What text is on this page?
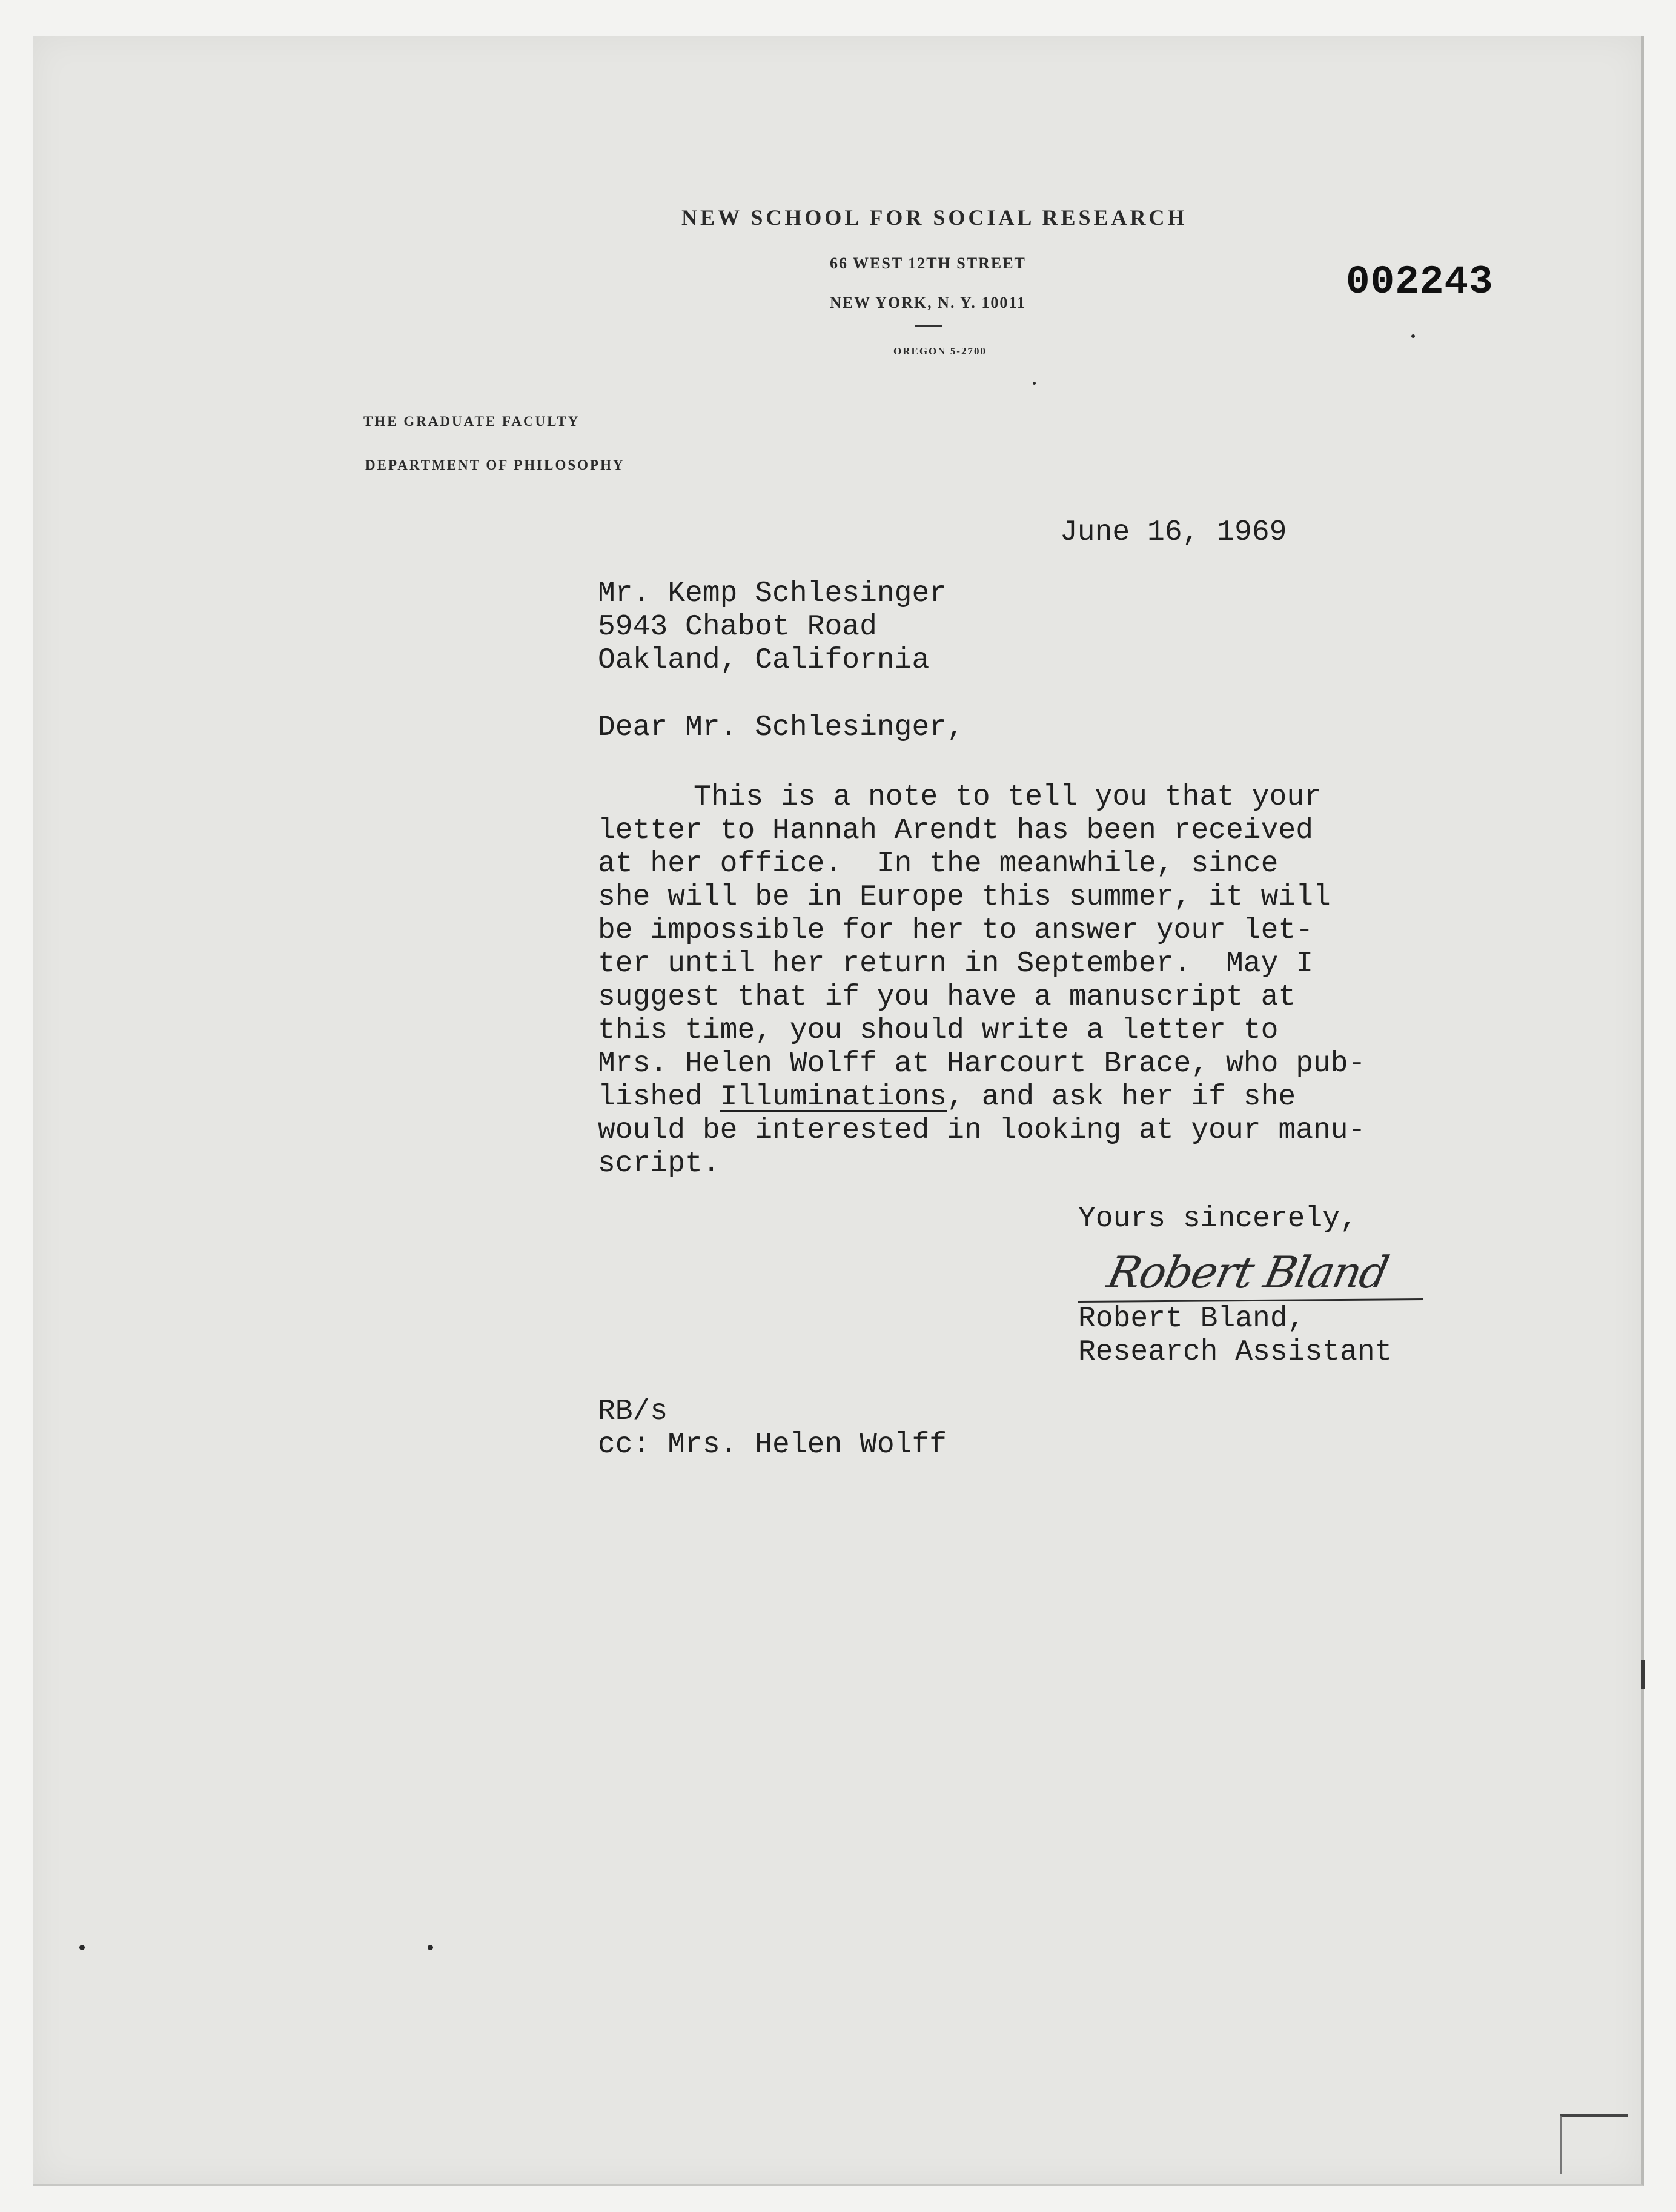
NEW SCHOOL FOR SOCIAL RESEARCH
66 WEST 12TH STREET
NEW YORK, N. Y. 10011
OREGON 5-2700
THE GRADUATE FACULTY
DEPARTMENT OF PHILOSOPHY
002243
June 16, 1969
Mr. Kemp Schlesinger
5943 Chabot Road
Oakland, California
Dear Mr. Schlesinger,
This is a note to tell you that your
letter to Hannah Arendt has been received
at her office.  In the meanwhile, since
she will be in Europe this summer, it will
be impossible for her to answer your let-
ter until her return in September.  May I
suggest that if you have a manuscript at
this time, you should write a letter to
Mrs. Helen Wolff at Harcourt Brace, who pub-
lished Illuminations, and ask her if she
would be interested in looking at your manu-
script.
Yours sincerely,
Robert Bland
Robert Bland,
Research Assistant
RB/s
cc: Mrs. Helen Wolff
